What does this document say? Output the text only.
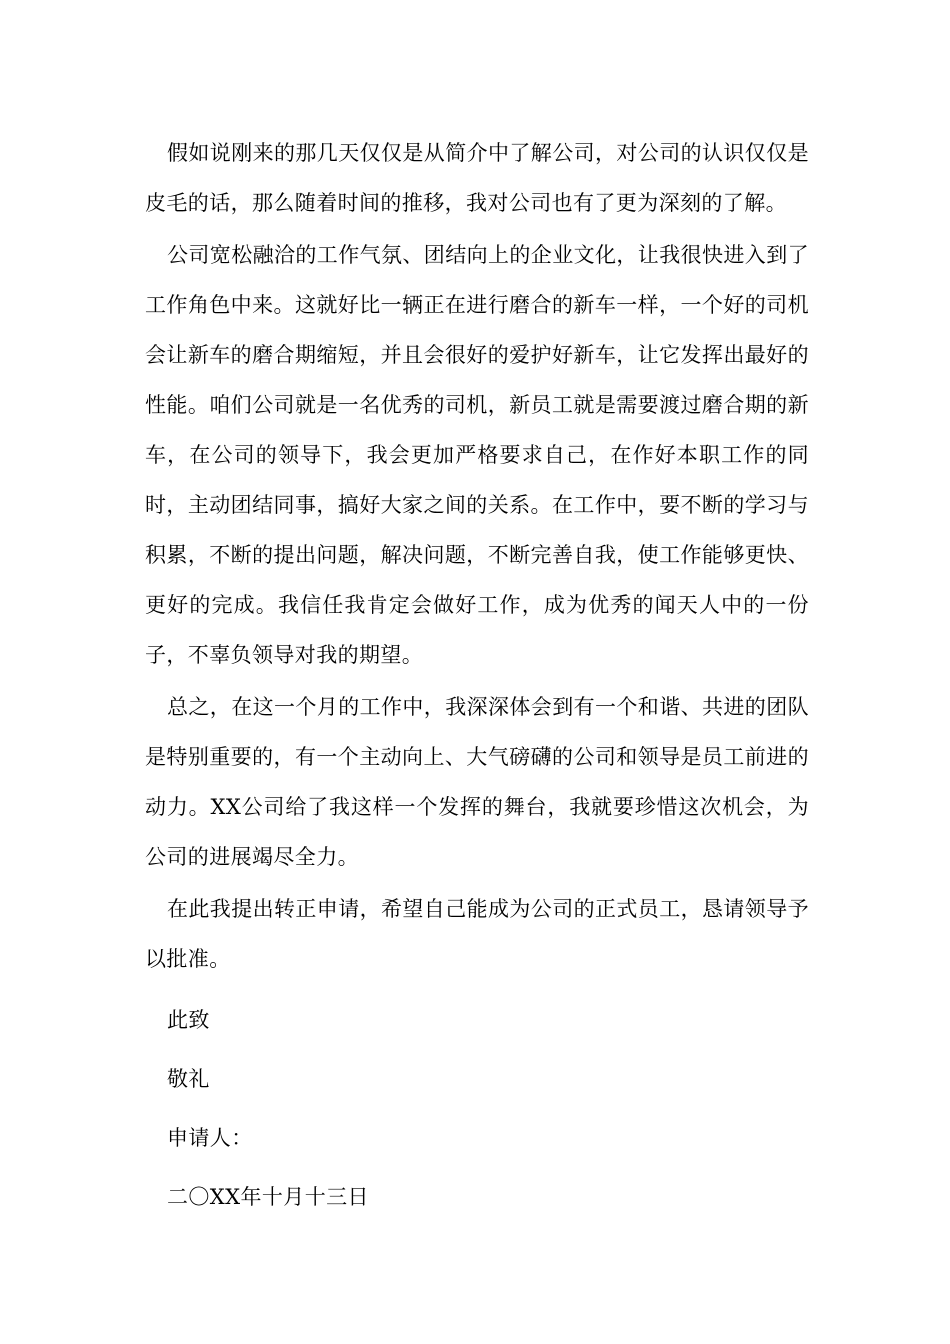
假如说刚来的那几天仅仅是从简介中了解公司，对公司的认识仅仅是皮毛的话，那么随着时间的推移，我对公司也有了更为深刻的了解。

公司宽松融洽的工作气氛、团结向上的企业文化，让我很快进入到了工作角色中来。这就好比一辆正在进行磨合的新车一样，一个好的司机会让新车的磨合期缩短，并且会很好的爱护好新车，让它发挥出最好的性能。咱们公司就是一名优秀的司机，新员工就是需要渡过磨合期的新车，在公司的领导下，我会更加严格要求自己，在作好本职工作的同时，主动团结同事，搞好大家之间的关系。在工作中，要不断的学习与积累，不断的提出问题，解决问题，不断完善自我，使工作能够更快、更好的完成。我信任我肯定会做好工作，成为优秀的闻天人中的一份子，不辜负领导对我的期望。

总之，在这一个月的工作中，我深深体会到有一个和谐、共进的团队是特别重要的，有一个主动向上、大气磅礴的公司和领导是员工前进的动力。XX公司给了我这样一个发挥的舞台，我就要珍惜这次机会，为公司的进展竭尽全力。

在此我提出转正申请，希望自己能成为公司的正式员工，恳请领导予以批准。

此致

敬礼

申请人：

二〇XX年十月十三日
